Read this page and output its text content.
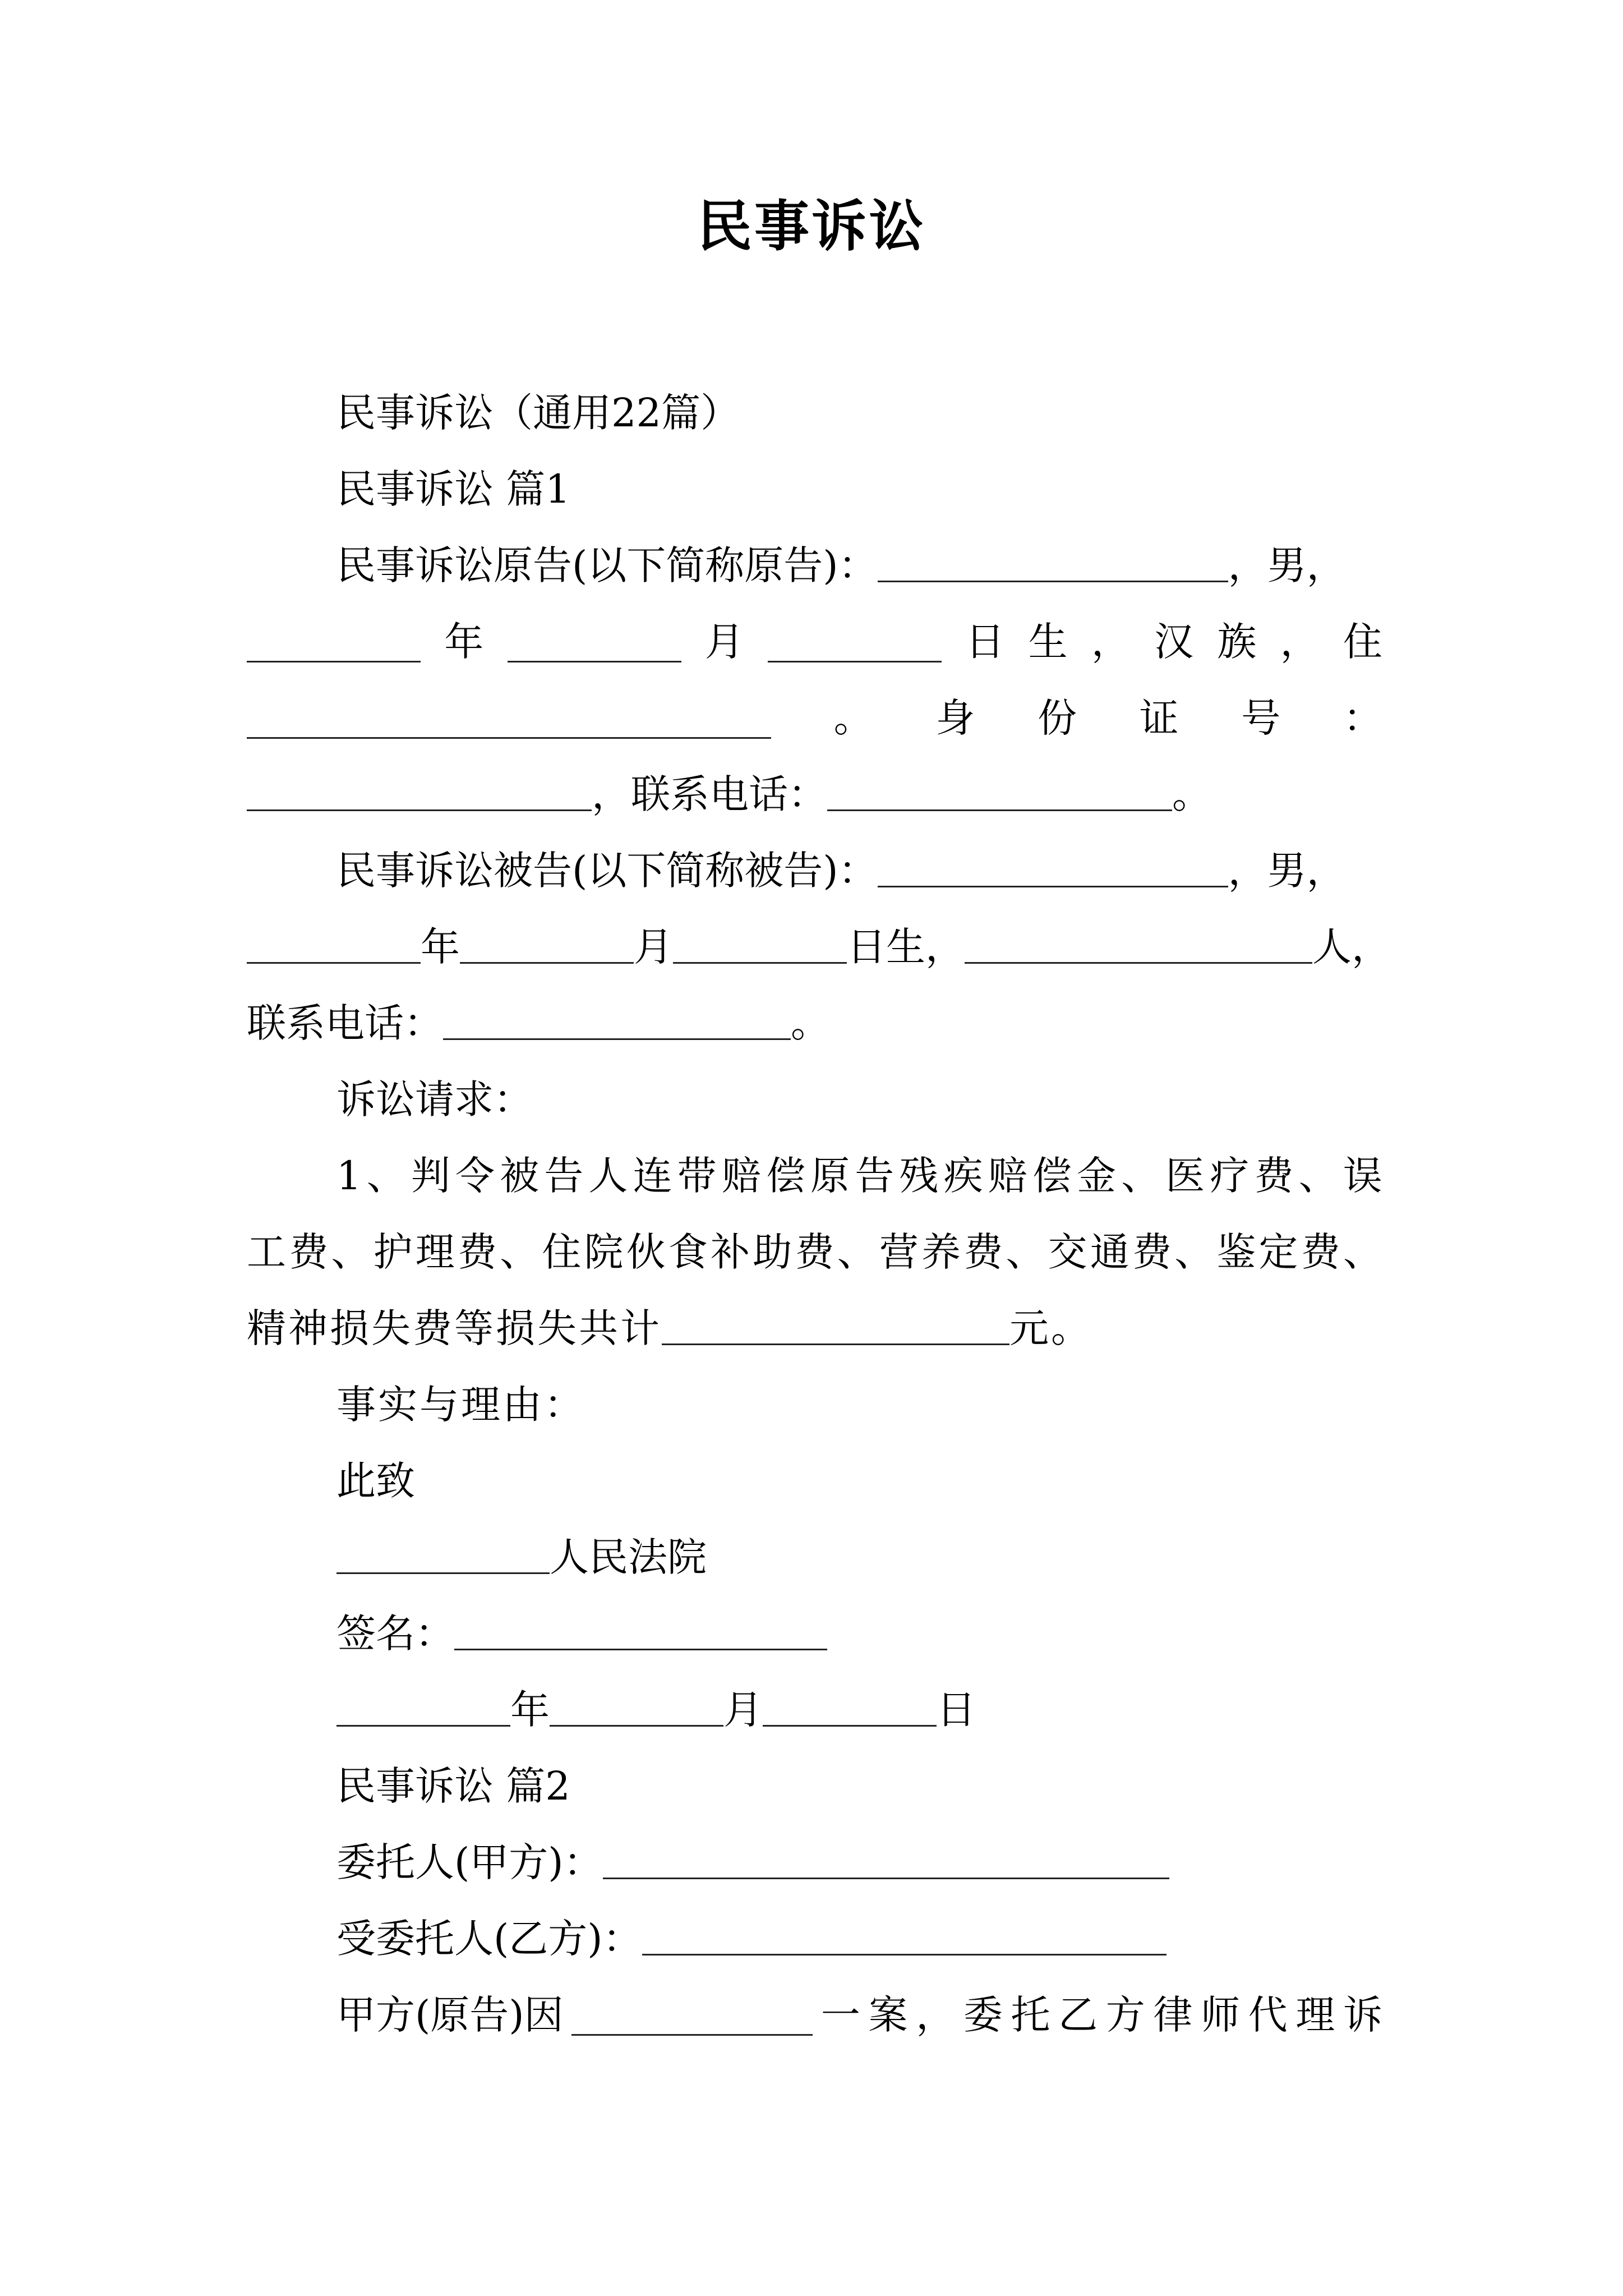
民事诉讼
民事诉讼（通用22篇）
民事诉讼 篇1
民事诉讼原告(以下简称原告)：	，男，
年	月	日 生 ， 汉 族 ， 住
。 身 份 证 号 ：
，联系电话：	。
民事诉讼被告(以下简称被告)：	，男，
年	月	日生，	人，
联系电话：	。
诉讼请求：
1 、 判 令 被 告 人 连 带 赔 偿 原 告 残 疾 赔 偿 金 、 医 疗 费 、 误
工 费 、 护 理 费 、 住 院 伙 食 补 助 费 、 营 养 费 、 交 通 费 、 鉴 定 费 、
精神损失费等损失共计	元。
事实与理由：
此致
人民法院
签名：
年	月	日
民事诉讼 篇2
委托人(甲方)：
受委托人(乙方)：
甲方(原告)因	一 案 ， 委 托 乙 方 律 师 代 理 诉
